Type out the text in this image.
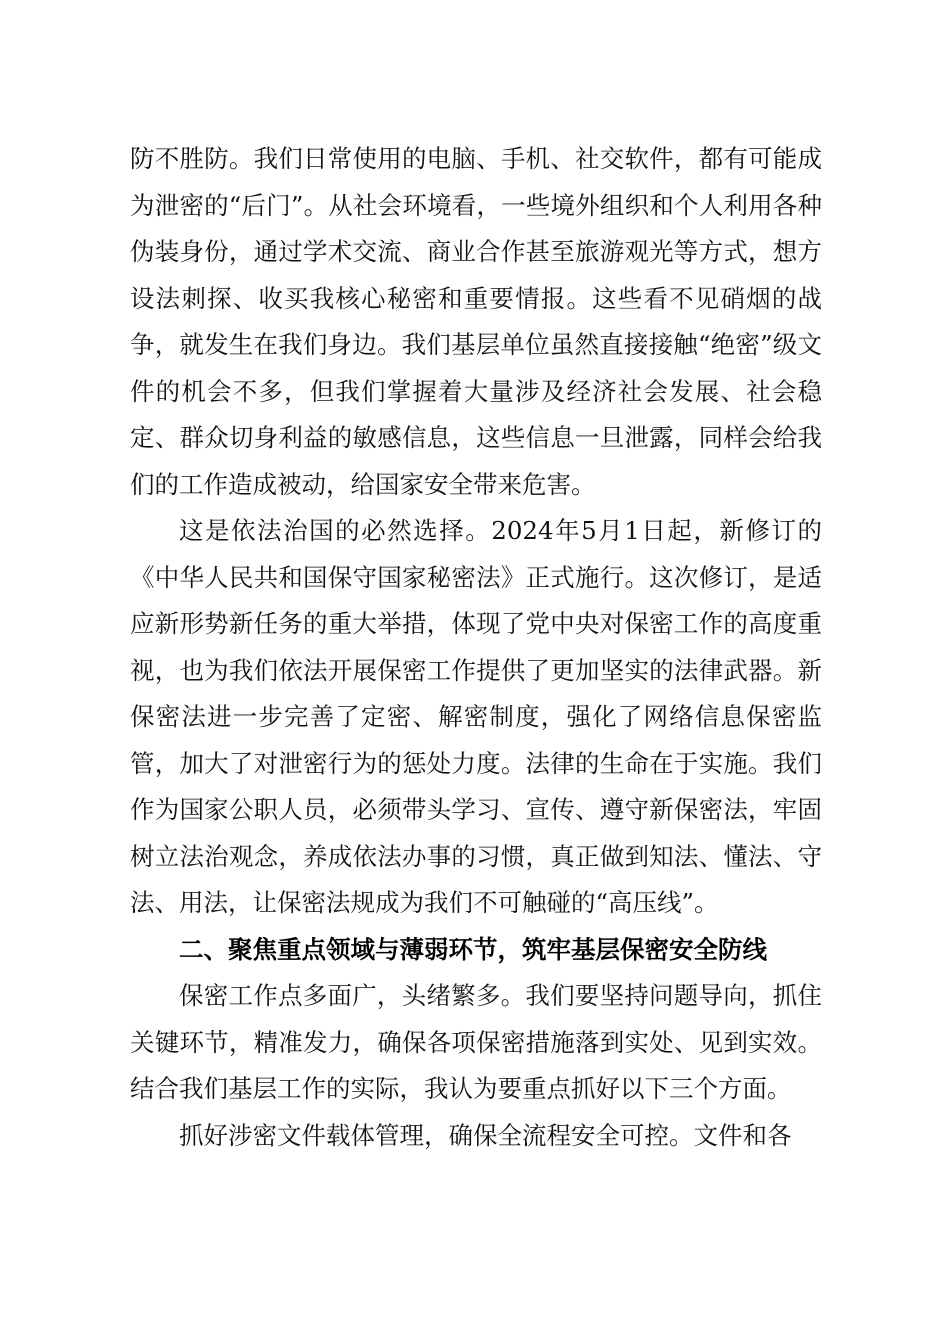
防不胜防。我们日常使用的电脑、手机、社交软件，都有可能成为泄密的“后门”。从社会环境看，一些境外组织和个人利用各种伪装身份，通过学术交流、商业合作甚至旅游观光等方式，想方设法刺探、收买我核心秘密和重要情报。这些看不见硝烟的战争，就发生在我们身边。我们基层单位虽然直接接触“绝密”级文件的机会不多，但我们掌握着大量涉及经济社会发展、社会稳定、群众切身利益的敏感信息，这些信息一旦泄露，同样会给我们的工作造成被动，给国家安全带来危害。

这是依法治国的必然选择。2024年5月1日起，新修订的《中华人民共和国保守国家秘密法》正式施行。这次修订，是适应新形势新任务的重大举措，体现了党中央对保密工作的高度重视，也为我们依法开展保密工作提供了更加坚实的法律武器。新保密法进一步完善了定密、解密制度，强化了网络信息保密监管，加大了对泄密行为的惩处力度。法律的生命在于实施。我们作为国家公职人员，必须带头学习、宣传、遵守新保密法，牢固树立法治观念，养成依法办事的习惯，真正做到知法、懂法、守法、用法，让保密法规成为我们不可触碰的“高压线”。

二、聚焦重点领域与薄弱环节，筑牢基层保密安全防线

保密工作点多面广，头绪繁多。我们要坚持问题导向，抓住关键环节，精准发力，确保各项保密措施落到实处、见到实效。结合我们基层工作的实际，我认为要重点抓好以下三个方面。

抓好涉密文件载体管理，确保全流程安全可控。文件和各
